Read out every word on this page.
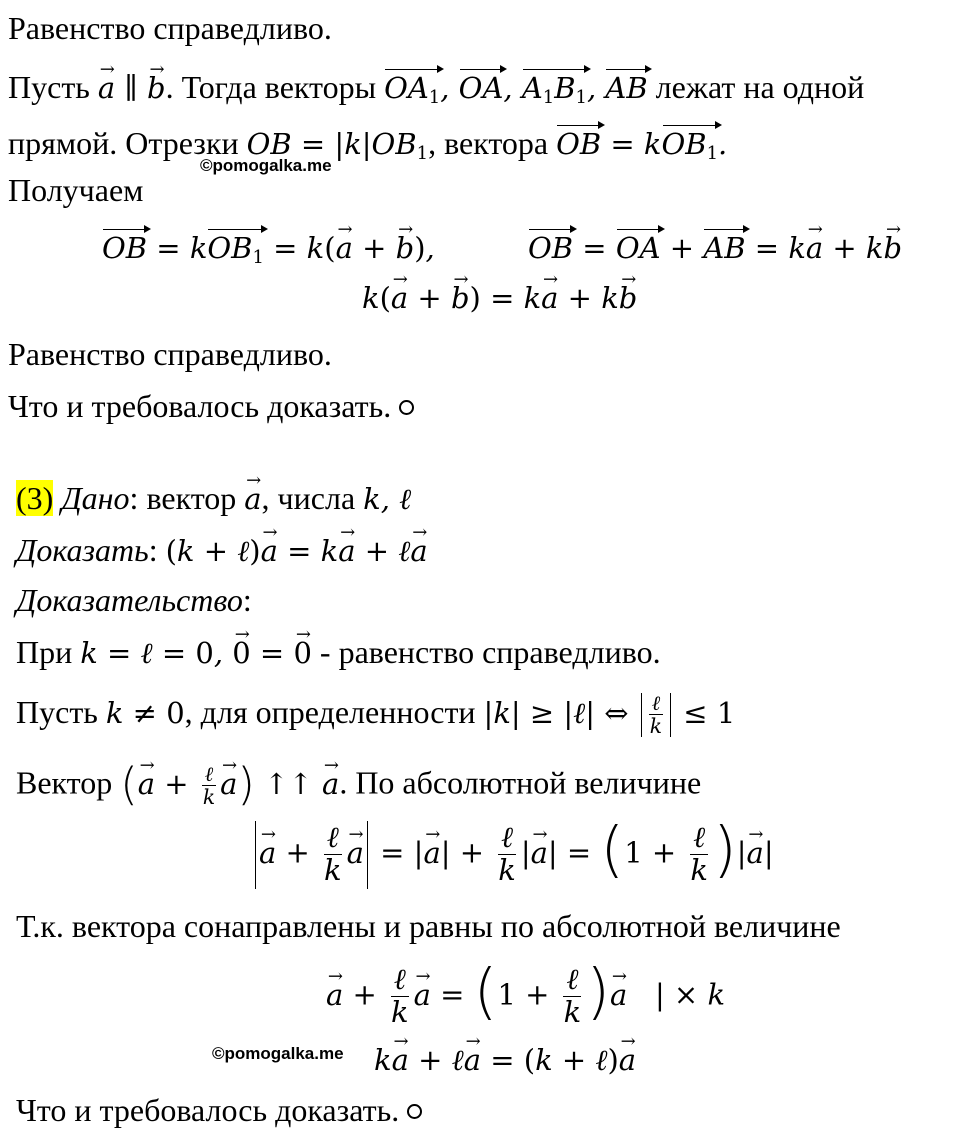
Равенство справедливо.
Пусть → a ∥ → b. Тогда векторы $OA_1$, OA, $A_1B_1$, AB лежат на одной
прямой. Отрезки OB = $|k|OB_1$, вектора OB = kOB$_1$.
©pomogalka.me
Получаем
OB = kOB$_1$ = k(→ a + → b),	OB = OA + AB = k→ a + k→ b
k(→ a + → b) = k→ a + k→ b
Равенство справедливо.
Что и требовалось доказать.
(3) Дано: вектор → a, числа k, ℓ
Доказать: (k + ℓ)→ a = k→ a + ℓ→ a
Доказательство:
При k = ℓ = 0, → 0 = → 0 - равенство справедливо.
Пусть k ≠ 0, для определенности |k| ≥ |ℓ| ⇔ $\frac{\text{ℓ}}{k} \le 1$
Вектор (→ $a + \frac{\text{ℓ}}{k}$
→ a) ↑↑ → a. По абсолютной величине
→ $a + \frac{\text{ℓ}}{k}$
→ a = |→ $a| + \frac{\text{ℓ}}{k}$ |→ $a| = (1 + \frac{\text{ℓ}}{k}$ )|→ a|
Т.к. вектора сонаправлены и равны по абсолютной величине
→ $a + \frac{\text{ℓ}}{k}$
→ $a = (1 + \frac{\text{ℓ}}{k}$ )→ a | × k
©pomogalka.me k→ a + ℓ→ a = (k + ℓ)→ a
Что и требовалось доказать.
